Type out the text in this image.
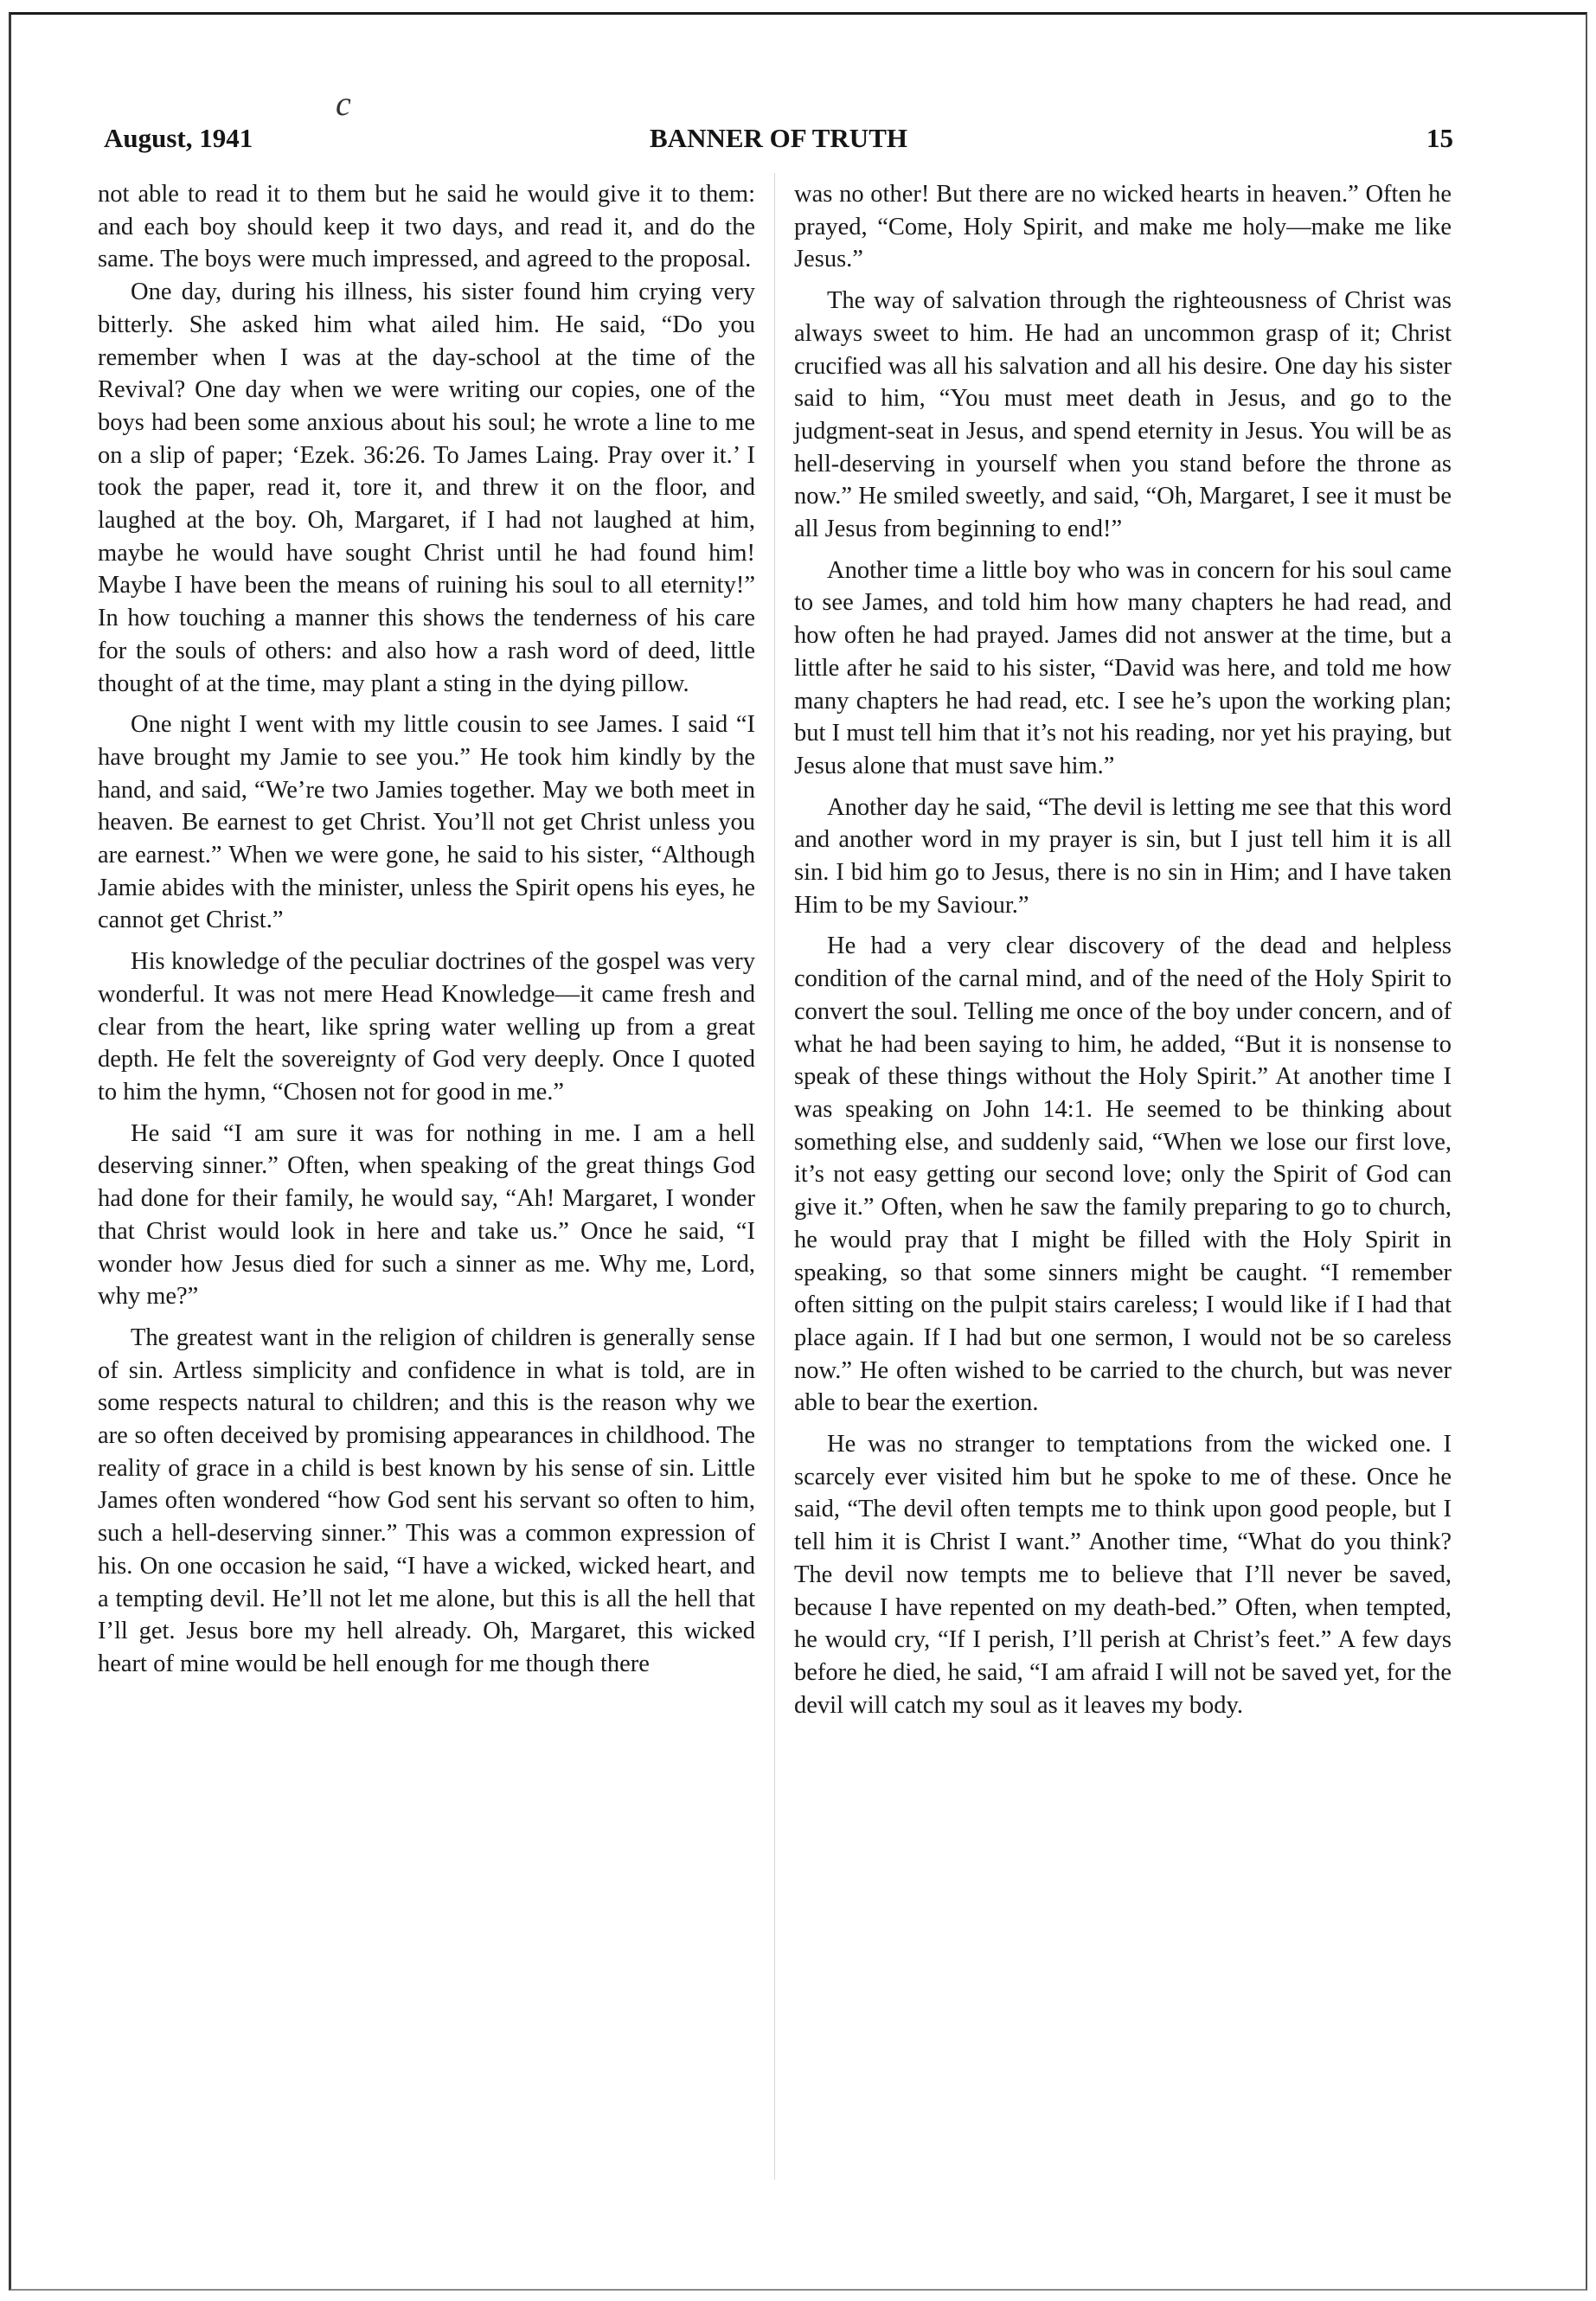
August, 1941
c
BANNER OF TRUTH	15

not able to read it to them but he said he would give it to them: and each boy should keep it two days, and read it, and do the same. The boys were much impressed, and agreed to the proposal.

One day, during his illness, his sister found him crying very bitterly. She asked him what ailed him. He said, “Do you remember when I was at the day-school at the time of the Revival? One day when we were writing our copies, one of the boys had been some anxious about his soul; he wrote a line to me on a slip of paper; ‘Ezek. 36:26. To James Laing. Pray over it.’ I took the paper, read it, tore it, and threw it on the floor, and laughed at the boy. Oh, Margaret, if I had not laughed at him, maybe he would have sought Christ until he had found him! Maybe I have been the means of ruining his soul to all eternity!” In how touching a manner this shows the tenderness of his care for the souls of others: and also how a rash word of deed, little thought of at the time, may plant a sting in the dying pillow.

One night I went with my little cousin to see James. I said “I have brought my Jamie to see you.” He took him kindly by the hand, and said, “We’re two Jamies together. May we both meet in heaven. Be earnest to get Christ. You’ll not get Christ unless you are earnest.” When we were gone, he said to his sister, “Although Jamie abides with the minister, unless the Spirit opens his eyes, he cannot get Christ.”

His knowledge of the peculiar doctrines of the gospel was very wonderful. It was not mere Head Knowledge—it came fresh and clear from the heart, like spring water welling up from a great depth. He felt the sovereignty of God very deeply. Once I quoted to him the hymn, “Chosen not for good in me.”

He said “I am sure it was for nothing in me. I am a hell deserving sinner.” Often, when speaking of the great things God had done for their family, he would say, “Ah! Margaret, I wonder that Christ would look in here and take us.” Once he said, “I wonder how Jesus died for such a sinner as me. Why me, Lord, why me?”

The greatest want in the religion of children is generally sense of sin. Artless simplicity and confidence in what is told, are in some respects natural to children; and this is the reason why we are so often deceived by promising appearances in childhood. The reality of grace in a child is best known by his sense of sin. Little James often wondered “how God sent his servant so often to him, such a hell-deserving sinner.” This was a common expression of his. On one occasion he said, “I have a wicked, wicked heart, and a tempting devil. He’ll not let me alone, but this is all the hell that I’ll get. Jesus bore my hell already. Oh, Margaret, this wicked heart of mine would be hell enough for me though there

was no other! But there are no wicked hearts in heaven.” Often he prayed, “Come, Holy Spirit, and make me holy—make me like Jesus.”

The way of salvation through the righteousness of Christ was always sweet to him. He had an uncommon grasp of it; Christ crucified was all his salvation and all his desire. One day his sister said to him, “You must meet death in Jesus, and go to the judgment-seat in Jesus, and spend eternity in Jesus. You will be as hell-deserving in yourself when you stand before the throne as now.” He smiled sweetly, and said, “Oh, Margaret, I see it must be all Jesus from beginning to end!”

Another time a little boy who was in concern for his soul came to see James, and told him how many chapters he had read, and how often he had prayed. James did not answer at the time, but a little after he said to his sister, “David was here, and told me how many chapters he had read, etc. I see he’s upon the working plan; but I must tell him that it’s not his reading, nor yet his praying, but Jesus alone that must save him.”

Another day he said, “The devil is letting me see that this word and another word in my prayer is sin, but I just tell him it is all sin. I bid him go to Jesus, there is no sin in Him; and I have taken Him to be my Saviour.”

He had a very clear discovery of the dead and helpless condition of the carnal mind, and of the need of the Holy Spirit to convert the soul. Telling me once of the boy under concern, and of what he had been saying to him, he added, “But it is nonsense to speak of these things without the Holy Spirit.” At another time I was speaking on John 14:1. He seemed to be thinking about something else, and suddenly said, “When we lose our first love, it’s not easy getting our second love; only the Spirit of God can give it.” Often, when he saw the family preparing to go to church, he would pray that I might be filled with the Holy Spirit in speaking, so that some sinners might be caught. “I remember often sitting on the pulpit stairs careless; I would like if I had that place again. If I had but one sermon, I would not be so careless now.” He often wished to be carried to the church, but was never able to bear the exertion.

He was no stranger to temptations from the wicked one. I scarcely ever visited him but he spoke to me of these. Once he said, “The devil often tempts me to think upon good people, but I tell him it is Christ I want.” Another time, “What do you think? The devil now tempts me to believe that I’ll never be saved, because I have repented on my death-bed.” Often, when tempted, he would cry, “If I perish, I’ll perish at Christ’s feet.” A few days before he died, he said, “I am afraid I will not be saved yet, for the devil will catch my soul as it leaves my body.
